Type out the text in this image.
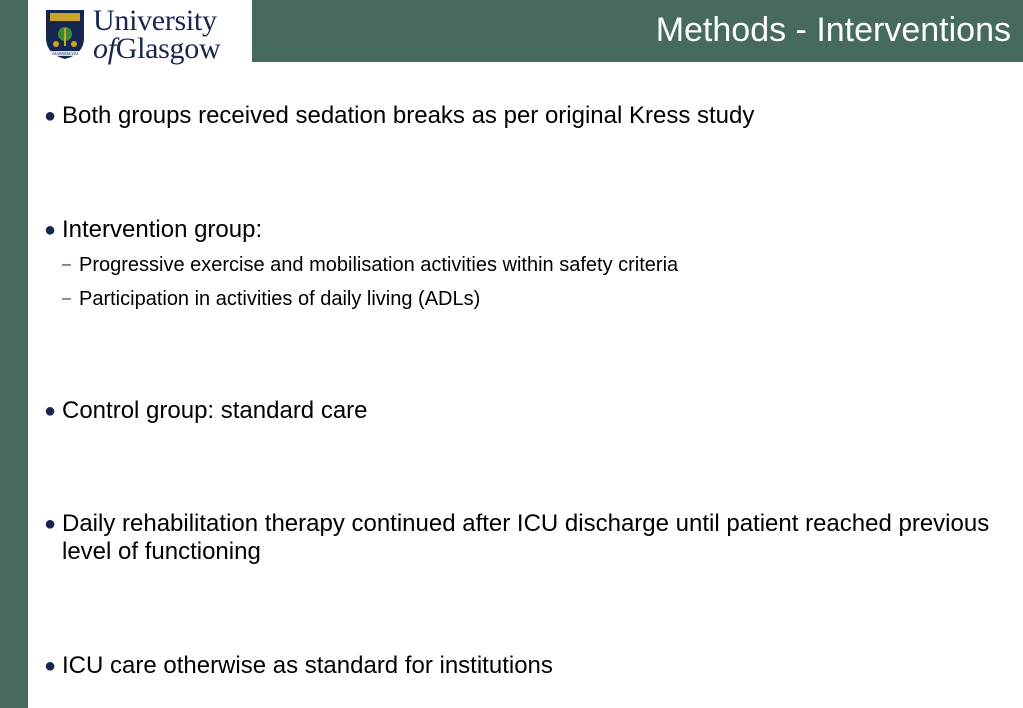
VIA VERITAS VITA
University
ofGlasgow	Methods - Interventions
● Both groups received sedation breaks as per original Kress study
● Intervention group:
– Progressive exercise and mobilisation activities within safety criteria
– Participation in activities of daily living (ADLs)
● Control group: standard care
● Daily rehabilitation therapy continued after ICU discharge until patient reached previous level of functioning
● ICU care otherwise as standard for institutions
